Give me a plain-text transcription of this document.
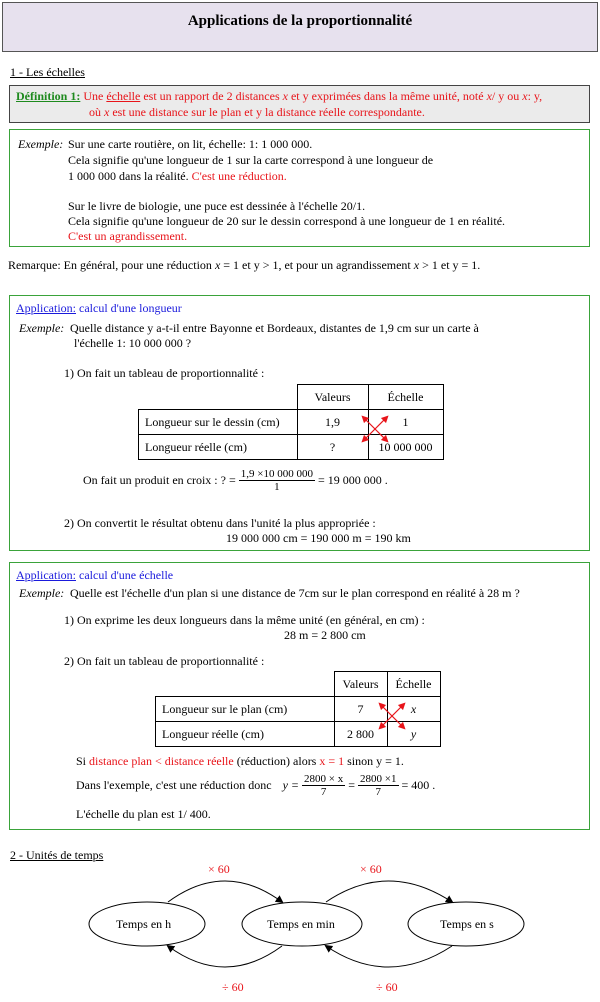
Applications de la proportionnalité
1 - Les échelles
Définition 1: Une échelle est un rapport de 2 distances x et y exprimées dans la même unité, noté x/ y ou x: y,
où x est une distance sur le plan et y la distance réelle correspondante.
Exemple: Sur une carte routière, on lit, échelle: 1: 1 000 000.
Cela signifie qu'une longueur de 1 sur la carte correspond à une longueur de
1 000 000 dans la réalité. C'est une réduction.
Sur le livre de biologie, une puce est dessinée à l'échelle 20/1.
Cela signifie qu'une longueur de 20 sur le dessin correspond à une longueur de 1 en réalité.
C'est un agrandissement.
Remarque: En général, pour une réduction x = 1 et y > 1, et pour un agrandissement x > 1 et y = 1.
Application: calcul d'une longueur
Exemple: Quelle distance y a-t-il entre Bayonne et Bordeaux, distantes de 1,9 cm sur un carte à
l'échelle 1: 10 000 000 ?
1) On fait un tableau de proportionnalité :
	Valeurs	Échelle
Longueur sur le dessin (cm)	1,9	1
Longueur réelle (cm)	?	10 000 000
On fait un produit en croix : ? = $\frac{1,9 \times 10 000 000}{1} = 19$ 000 000 .
2) On convertit le résultat obtenu dans l'unité la plus appropriée :
19 000 000 cm = 190 000 m = 190 km
Application: calcul d'une échelle
Exemple: Quelle est l'échelle d'un plan si une distance de 7cm sur le plan correspond en réalité à 28 m ?
1) On exprime les deux longueurs dans la même unité (en général, en cm) :
28 m = 2 800 cm
2) On fait un tableau de proportionnalité :
	Valeurs	Échelle
Longueur sur le plan (cm)	7	x
Longueur réelle (cm)	2 800	y
Si distance plan < distance réelle (réduction) alors x = 1 sinon y = 1.
Dans l'exemple, c'est une réduction donc $y = \frac{2800 \times x}{7} = \frac{2800 \times 1}{7} = 400$ .
L'échelle du plan est 1/ 400.
2 - Unités de temps
Temps en h	Temps en min	Temps en s
× 60	× 60
÷ 60	÷ 60
